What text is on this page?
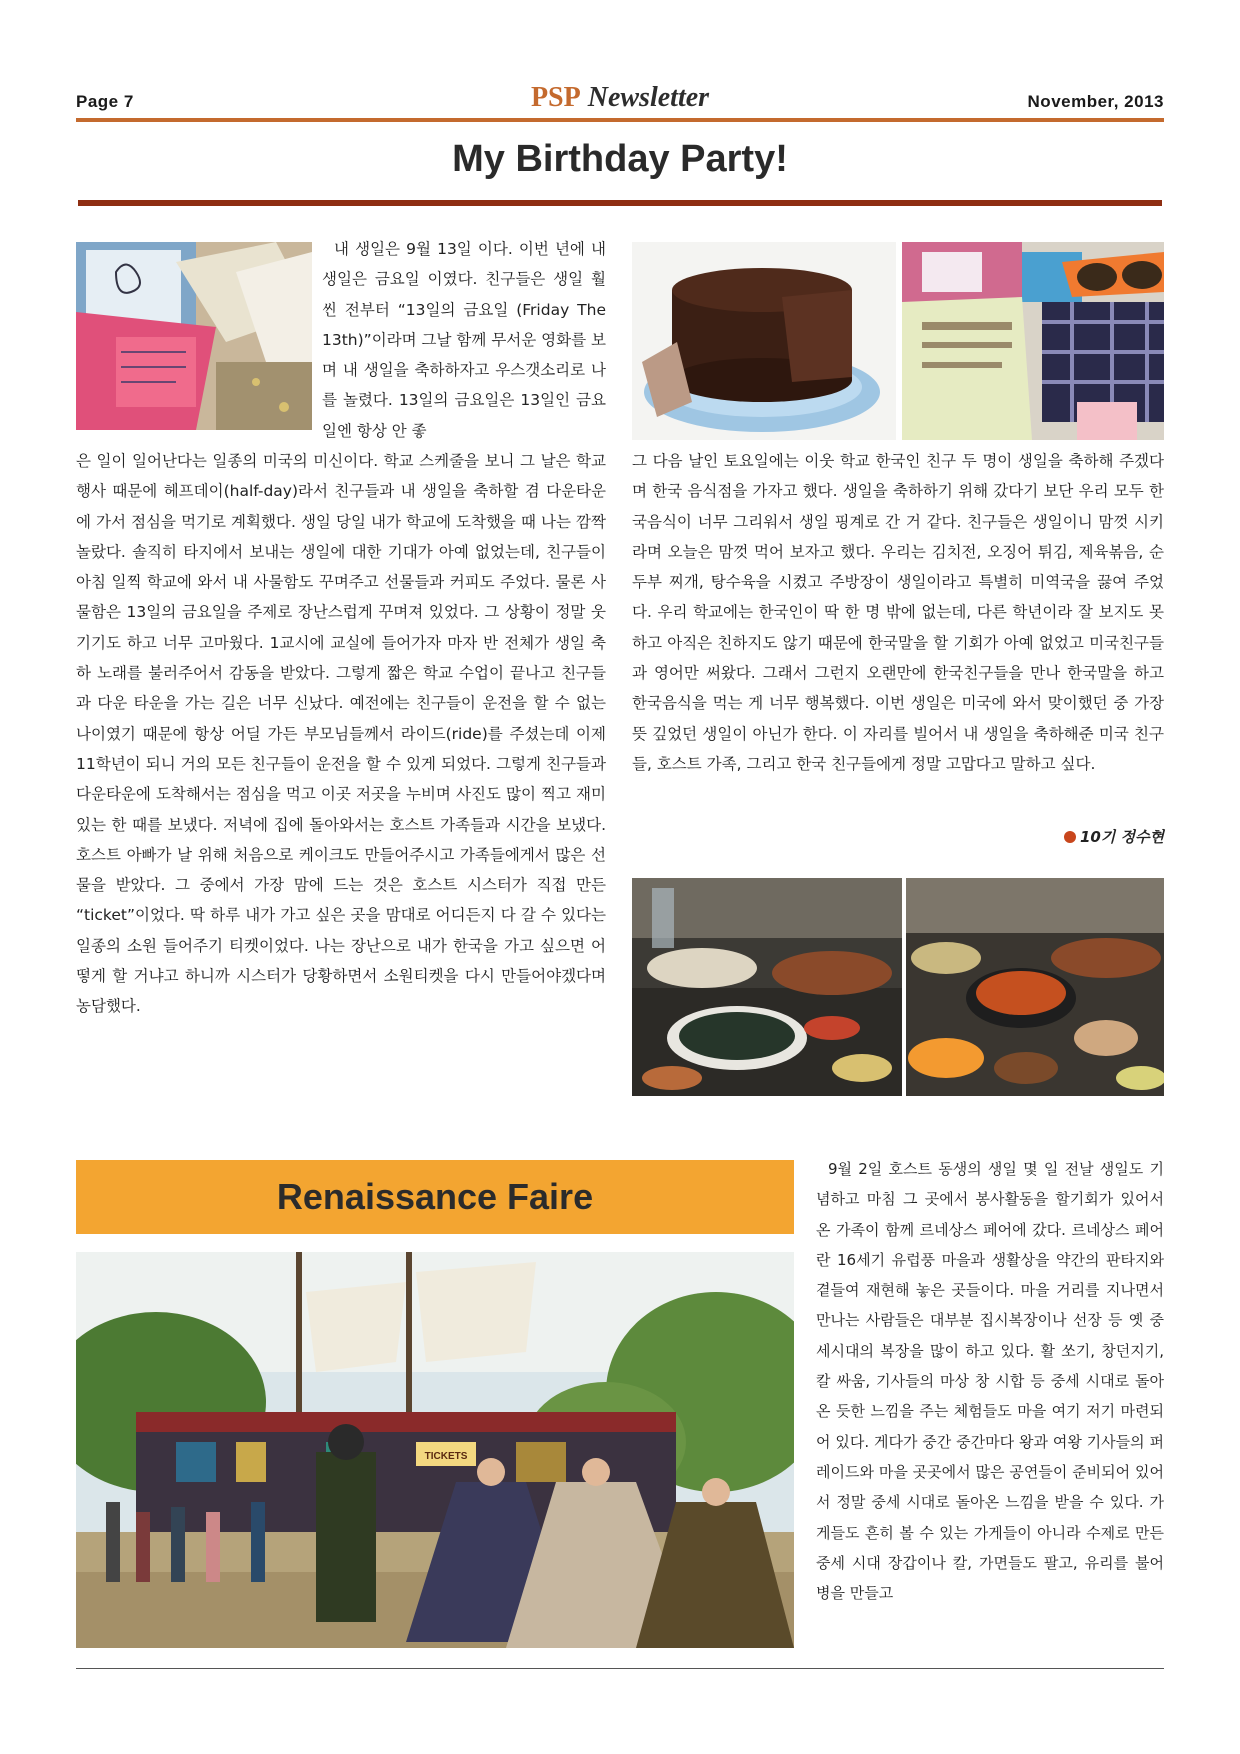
Page 7	PSP Newsletter	November, 2013
My Birthday Party!
내 생일은 9월 13일 이다. 이번 년에 내 생일은 금요일 이였다. 친구들은 생일 훨씬 전부터 “13일의 금요일 (Friday The 13th)”이라며 그날 함께 무서운 영화를 보며 내 생일을 축하하자고 우스갯소리로 나를 놀렸다. 13일의 금요일은 13일인 금요일엔 항상 안 좋
은 일이 일어난다는 일종의 미국의 미신이다. 학교 스케줄을 보니 그 날은 학교 행사 때문에 헤프데이(half-day)라서 친구들과 내 생일을 축하할 겸 다운타운에 가서 점심을 먹기로 계획했다. 생일 당일 내가 학교에 도착했을 때 나는 깜짝 놀랐다. 솔직히 타지에서 보내는 생일에 대한 기대가 아예 없었는데, 친구들이 아침 일찍 학교에 와서 내 사물함도 꾸며주고 선물들과 커피도 주었다. 물론 사물함은 13일의 금요일을 주제로 장난스럽게 꾸며져 있었다. 그 상황이 정말 웃기기도 하고 너무 고마웠다. 1교시에 교실에 들어가자 마자 반 전체가 생일 축하 노래를 불러주어서 감동을 받았다. 그렇게 짧은 학교 수업이 끝나고 친구들과 다운 타운을 가는 길은 너무 신났다. 예전에는 친구들이 운전을 할 수 없는 나이였기 때문에 항상 어딜 가든 부모님들께서 라이드(ride)를 주셨는데 이제 11학년이 되니 거의 모든 친구들이 운전을 할 수 있게 되었다. 그렇게 친구들과 다운타운에 도착해서는 점심을 먹고 이곳 저곳을 누비며 사진도 많이 찍고 재미있는 한 때를 보냈다. 저녁에 집에 돌아와서는 호스트 가족들과 시간을 보냈다. 호스트 아빠가 날 위해 처음으로 케이크도 만들어주시고 가족들에게서 많은 선물을 받았다. 그 중에서 가장 맘에 드는 것은 호스트 시스터가 직접 만든 “ticket”이었다. 딱 하루 내가 가고 싶은 곳을 맘대로 어디든지 다 갈 수 있다는 일종의 소원 들어주기 티켓이었다. 나는 장난으로 내가 한국을 가고 싶으면 어떻게 할 거냐고 하니까 시스터가 당황하면서 소원티켓을 다시 만들어야겠다며 농담했다.
그 다음 날인 토요일에는 이웃 학교 한국인 친구 두 명이 생일을 축하해 주겠다며 한국 음식점을 가자고 했다. 생일을 축하하기 위해 갔다기 보단 우리 모두 한국음식이 너무 그리워서 생일 핑계로 간 거 같다. 친구들은 생일이니 맘껏 시키라며 오늘은 맘껏 먹어 보자고 했다. 우리는 김치전, 오징어 튀김, 제육볶음, 순두부 찌개, 탕수육을 시켰고 주방장이 생일이라고 특별히 미역국을 끓여 주었다. 우리 학교에는 한국인이 딱 한 명 밖에 없는데, 다른 학년이라 잘 보지도 못하고 아직은 친하지도 않기 때문에 한국말을 할 기회가 아예 없었고 미국친구들과 영어만 써왔다. 그래서 그런지 오랜만에 한국친구들을 만나 한국말을 하고 한국음식을 먹는 게 너무 행복했다. 이번 생일은 미국에 와서 맞이했던 중 가장 뜻 깊었던 생일이 아닌가 한다. 이 자리를 빌어서 내 생일을 축하해준 미국 친구들, 호스트 가족, 그리고 한국 친구들에게 정말 고맙다고 말하고 싶다.
10기 정수현
Renaissance Faire
TICKETS
9월 2일 호스트 동생의 생일 몇 일 전날 생일도 기념하고 마침 그 곳에서 봉사활동을 할기회가 있어서 온 가족이 함께 르네상스 페어에 갔다. 르네상스 페어란 16세기 유럽풍 마을과 생활상을 약간의 판타지와 곁들여 재현해 놓은 곳들이다. 마을 거리를 지나면서 만나는 사람들은 대부분 집시복장이나 선장 등 옛 중세시대의 복장을 많이 하고 있다. 활 쏘기, 창던지기, 칼 싸움, 기사들의 마상 창 시합 등 중세 시대로 돌아온 듯한 느낌을 주는 체험들도 마을 여기 저기 마련되어 있다. 게다가 중간 중간마다 왕과 여왕 기사들의 퍼레이드와 마을 곳곳에서 많은 공연들이 준비되어 있어서 정말 중세 시대로 돌아온 느낌을 받을 수 있다. 가게들도 흔히 볼 수 있는 가게들이 아니라 수제로 만든 중세 시대 장갑이나 칼, 가면들도 팔고, 유리를 불어 병을 만들고
